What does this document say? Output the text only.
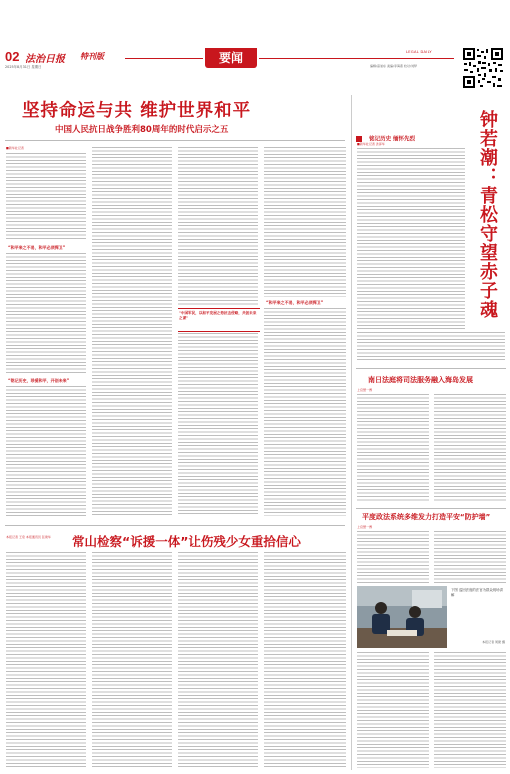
02 法治日报 特刊版
2025年8月31日 星期日
要闻	LEGAL DAILY
编辑/高旭东 美编/李海燕 校对/刘梦
坚持命运与共 维护世界和平
中国人民抗日战争胜利80周年的时代启示之五
■新华社记者
“和平来之不易，和平必须捍卫”
“铭记历史，珍爱和平，开创未来”
"中国军民，以和平发展之势抗击侵略，共创未来之谋"
“和平来之不易，和平必须捍卫”
本报记者 王泉 本报通讯员 张建华	常山检察“诉援一体”让伤残少女重拾信心
铭记历史 缅怀先烈
■新华社记者 洪泽华	钟若潮：青松守望赤子魂
南日法庭将司法服务融入海岛发展
上官慧一博
平度政法系统多维发力打造平安“防护墙”
上官慧一博
下图 巡回法庭的法官为群众现场讲解
本报记者 周捷 摄
